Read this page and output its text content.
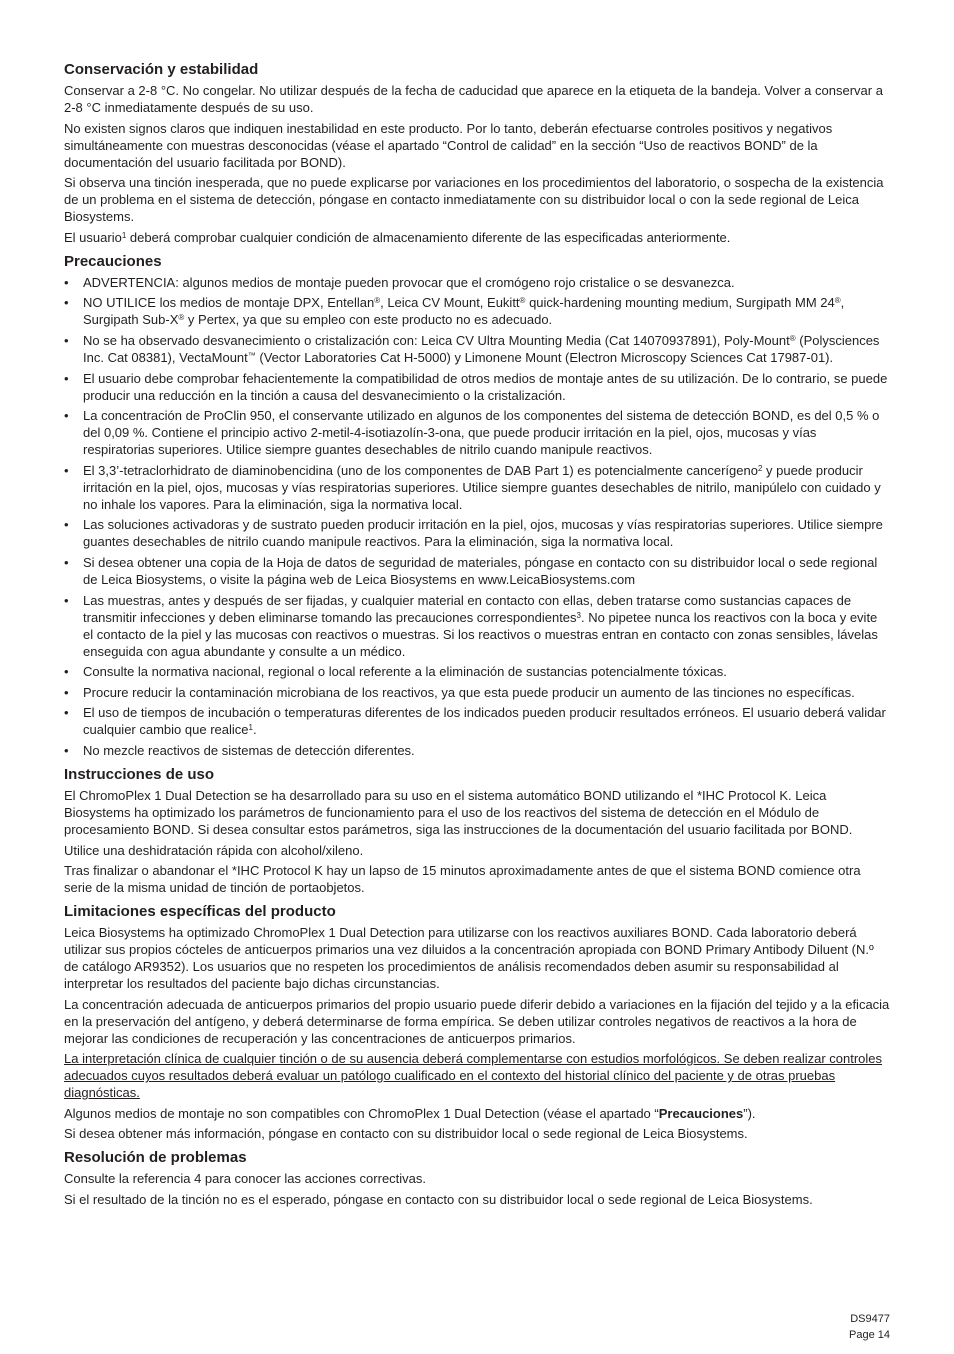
Conservación y estabilidad

Conservar a 2-8 °C. No congelar. No utilizar después de la fecha de caducidad que aparece en la etiqueta de la bandeja. Volver a conservar a 2-8 °C inmediatamente después de su uso.

No existen signos claros que indiquen inestabilidad en este producto. Por lo tanto, deberán efectuarse controles positivos y negativos simultáneamente con muestras desconocidas (véase el apartado “Control de calidad” en la sección “Uso de reactivos BOND” de la documentación del usuario facilitada por BOND).

Si observa una tinción inesperada, que no puede explicarse por variaciones en los procedimientos del laboratorio, o sospecha de la existencia de un problema en el sistema de detección, póngase en contacto inmediatamente con su distribuidor local o con la sede regional de Leica Biosystems.

El usuario$^1$ deberá comprobar cualquier condición de almacenamiento diferente de las especificadas anteriormente.

Precauciones
• ADVERTENCIA: algunos medios de montaje pueden provocar que el cromógeno rojo cristalice o se desvanezca.
• NO UTILICE los medios de montaje DPX, Entellan®, Leica CV Mount, Eukitt® quick-hardening mounting medium, Surgipath MM 24®, Surgipath Sub-X® y Pertex, ya que su empleo con este producto no es adecuado.
• No se ha observado desvanecimiento o cristalización con: Leica CV Ultra Mounting Media (Cat 14070937891), Poly-Mount® (Polysciences Inc. Cat 08381), VectaMount™ (Vector Laboratories Cat H-5000) y Limonene Mount (Electron Microscopy Sciences Cat 17987-01).
• El usuario debe comprobar fehacientemente la compatibilidad de otros medios de montaje antes de su utilización. De lo contrario, se puede producir una reducción en la tinción a causa del desvanecimiento o la cristalización.
• La concentración de ProClin 950, el conservante utilizado en algunos de los componentes del sistema de detección BOND, es del 0,5 % o del 0,09 %. Contiene el principio activo 2-metil-4-isotiazolín-3-ona, que puede producir irritación en la piel, ojos, mucosas y vías respiratorias superiores. Utilice siempre guantes desechables de nitrilo cuando manipule reactivos.
• El 3,3’-tetraclorhidrato de diaminobencidina (uno de los componentes de DAB Part 1) es potencialmente cancerígeno$^2$ y puede producir irritación en la piel, ojos, mucosas y vías respiratorias superiores. Utilice siempre guantes desechables de nitrilo, manipúlelo con cuidado y no inhale los vapores. Para la eliminación, siga la normativa local.
• Las soluciones activadoras y de sustrato pueden producir irritación en la piel, ojos, mucosas y vías respiratorias superiores. Utilice siempre guantes desechables de nitrilo cuando manipule reactivos. Para la eliminación, siga la normativa local.
• Si desea obtener una copia de la Hoja de datos de seguridad de materiales, póngase en contacto con su distribuidor local o sede regional de Leica Biosystems, o visite la página web de Leica Biosystems en www.LeicaBiosystems.com
• Las muestras, antes y después de ser fijadas, y cualquier material en contacto con ellas, deben tratarse como sustancias capaces de transmitir infecciones y deben eliminarse tomando las precauciones correspondientes$^3$. No pipetee nunca los reactivos con la boca y evite el contacto de la piel y las mucosas con reactivos o muestras. Si los reactivos o muestras entran en contacto con zonas sensibles, lávelas enseguida con agua abundante y consulte a un médico.
• Consulte la normativa nacional, regional o local referente a la eliminación de sustancias potencialmente tóxicas.
• Procure reducir la contaminación microbiana de los reactivos, ya que esta puede producir un aumento de las tinciones no específicas.
• El uso de tiempos de incubación o temperaturas diferentes de los indicados pueden producir resultados erróneos. El usuario deberá validar cualquier cambio que realice$^1$.
• No mezcle reactivos de sistemas de detección diferentes.
Instrucciones de uso

El ChromoPlex 1 Dual Detection se ha desarrollado para su uso en el sistema automático BOND utilizando el *IHC Protocol K. Leica Biosystems ha optimizado los parámetros de funcionamiento para el uso de los reactivos del sistema de detección en el Módulo de procesamiento BOND. Si desea consultar estos parámetros, siga las instrucciones de la documentación del usuario facilitada por BOND.

Utilice una deshidratación rápida con alcohol/xileno.

Tras finalizar o abandonar el *IHC Protocol K hay un lapso de 15 minutos aproximadamente antes de que el sistema BOND comience otra serie de la misma unidad de tinción de portaobjetos.

Limitaciones específicas del producto

Leica Biosystems ha optimizado ChromoPlex 1 Dual Detection para utilizarse con los reactivos auxiliares BOND. Cada laboratorio deberá utilizar sus propios cócteles de anticuerpos primarios una vez diluidos a la concentración apropiada con BOND Primary Antibody Diluent (N.º de catálogo AR9352). Los usuarios que no respeten los procedimientos de análisis recomendados deben asumir su responsabilidad al interpretar los resultados del paciente bajo dichas circunstancias.

La concentración adecuada de anticuerpos primarios del propio usuario puede diferir debido a variaciones en la fijación del tejido y a la eficacia en la preservación del antígeno, y deberá determinarse de forma empírica. Se deben utilizar controles negativos de reactivos a la hora de mejorar las condiciones de recuperación y las concentraciones de anticuerpos primarios.

La interpretación clínica de cualquier tinción o de su ausencia deberá complementarse con estudios morfológicos. Se deben realizar controles adecuados cuyos resultados deberá evaluar un patólogo cualificado en el contexto del historial clínico del paciente y de otras pruebas diagnósticas.

Algunos medios de montaje no son compatibles con ChromoPlex 1 Dual Detection (véase el apartado “Precauciones”).

Si desea obtener más información, póngase en contacto con su distribuidor local o sede regional de Leica Biosystems.

Resolución de problemas

Consulte la referencia 4 para conocer las acciones correctivas.

Si el resultado de la tinción no es el esperado, póngase en contacto con su distribuidor local o sede regional de Leica Biosystems.

DS9477
Page 14
